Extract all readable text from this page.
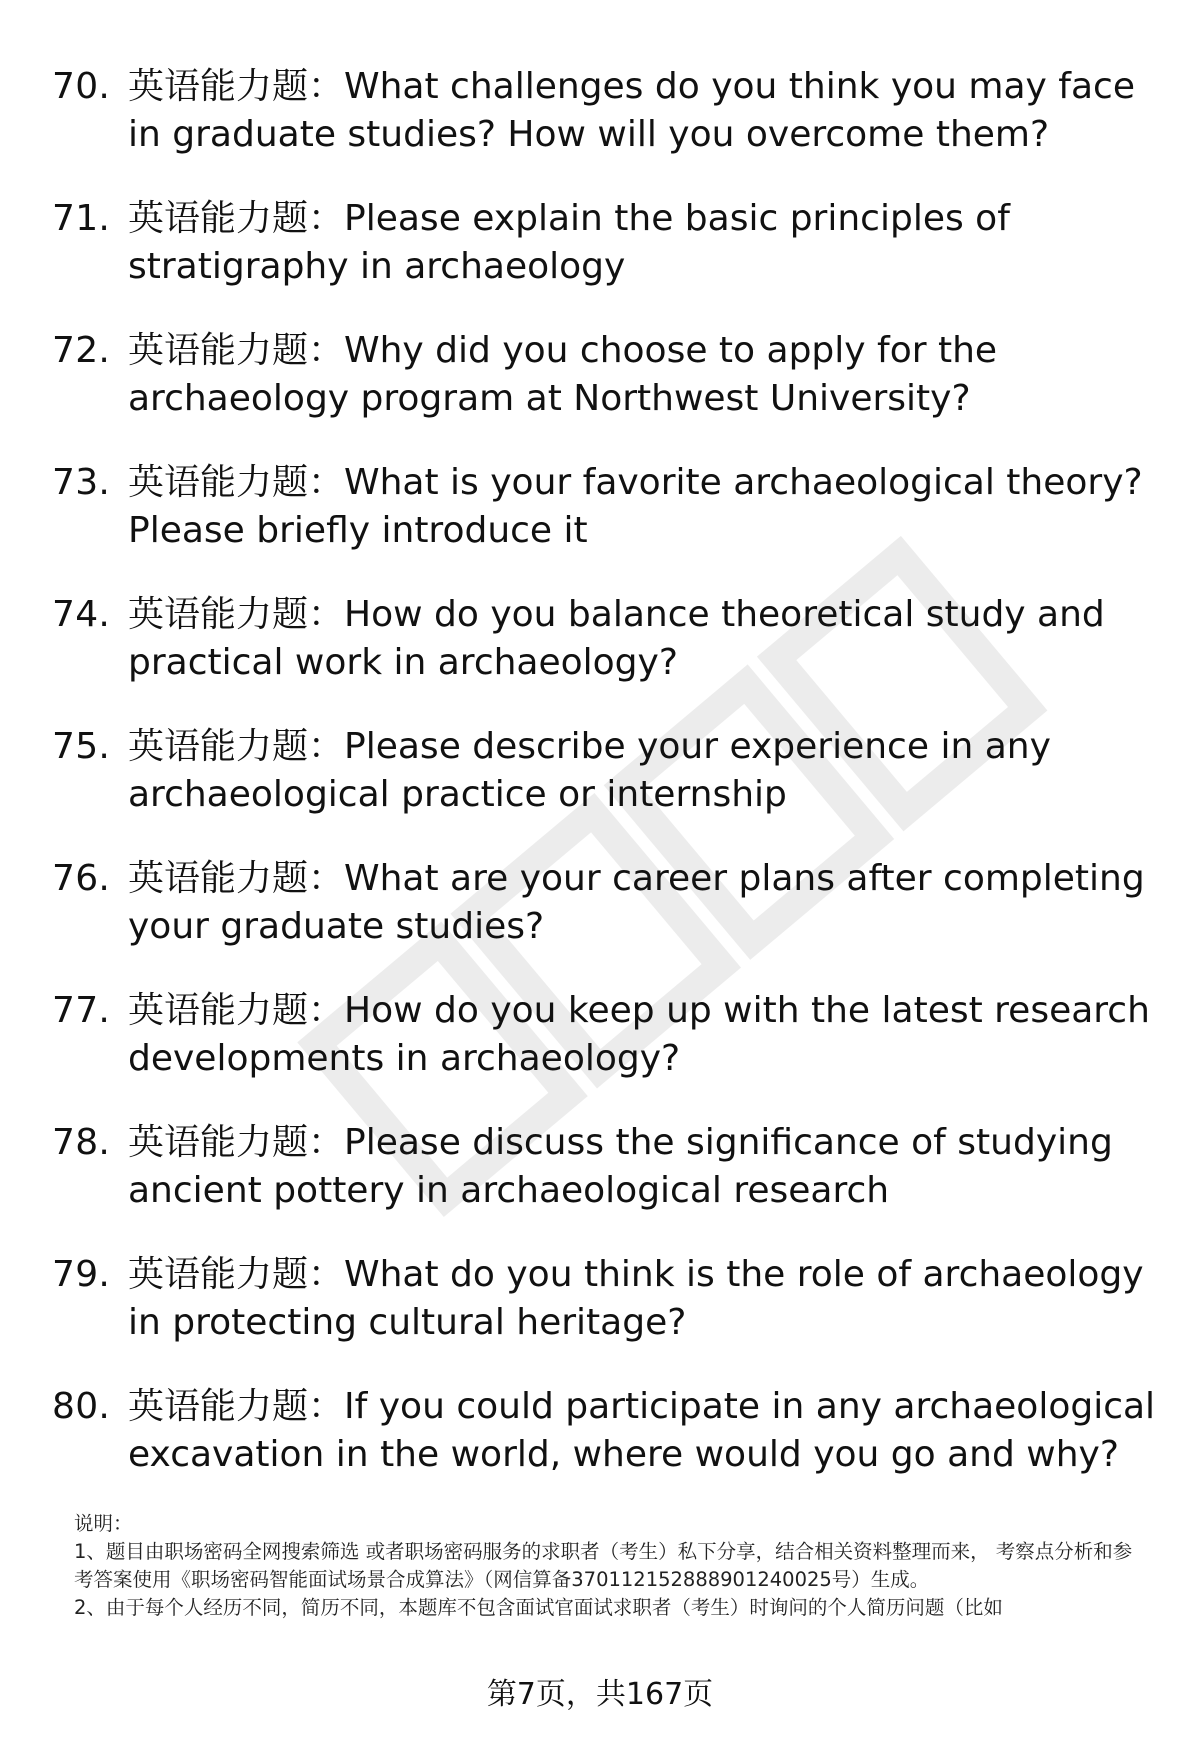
70. 英语能力题：What challenges do you think you may face in graduate studies? How will you overcome them?
71. 英语能力题：Please explain the basic principles of stratigraphy in archaeology
72. 英语能力题：Why did you choose to apply for the archaeology program at Northwest University?
73. 英语能力题：What is your favorite archaeological theory? Please briefly introduce it
74. 英语能力题：How do you balance theoretical study and practical work in archaeology?
75. 英语能力题：Please describe your experience in any archaeological practice or internship
76. 英语能力题：What are your career plans after completing your graduate studies?
77. 英语能力题：How do you keep up with the latest research developments in archaeology?
78. 英语能力题：Please discuss the significance of studying ancient pottery in archaeological research
79. 英语能力题：What do you think is the role of archaeology in protecting cultural heritage?
80. 英语能力题：If you could participate in any archaeological excavation in the world, where would you go and why?

说明：

1、题目由职场密码全网搜索筛选 或者职场密码服务的求职者（考生）私下分享，结合相关资料整理而来， 考察点分析和参考答案使用《职场密码智能面试场景合成算法》（网信算备370112152888901240025号）生成。

2、由于每个人经历不同，简历不同，本题库不包含面试官面试求职者（考生）时询问的个人简历问题（比如

第7页，共167页
